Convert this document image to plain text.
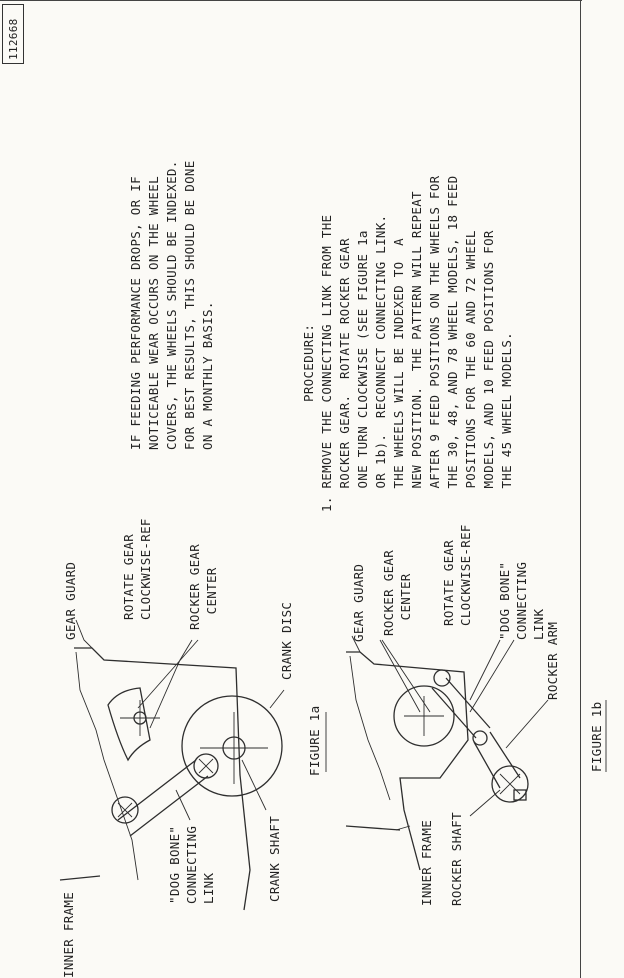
112668
IF FEEDING PERFORMANCE DROPS, OR IF
NOTICEABLE WEAR OCCURS ON THE WHEEL
COVERS, THE WHEELS SHOULD BE INDEXED.
FOR BEST RESULTS, THIS SHOULD BE DONE
ON A MONTHLY BASIS.	PROCEDURE:
1. REMOVE THE CONNECTING LINK FROM THE
ROCKER GEAR.  ROTATE ROCKER GEAR
ONE TURN CLOCKWISE (SEE FIGURE 1a
OR 1b).  RECONNECT CONNECTING LINK.
THE WHEELS WILL BE INDEXED TO  A
NEW POSITION.  THE PATTERN WILL REPEAT
AFTER 9 FEED POSITIONS ON THE WHEELS FOR
THE 30, 48, AND 78 WHEEL MODELS, 18 FEED
POSITIONS FOR THE 60 AND 72 WHEEL
MODELS, AND 10 FEED POSITIONS FOR
THE 45 WHEEL MODELS.
GEAR GUARD	ROTATE GEAR
CLOCKWISE-REF	ROCKER GEAR
CENTER
CRANK DISC
INNER FRAME
"DOG BONE"
CONNECTING
LINK	CRANK SHAFT
FIGURE 1a
GEAR GUARD ROCKER GEAR
CENTER ROTATE GEAR
CLOCKWISE-REF "DOG BONE"
CONNECTING
LINK ROCKER ARM
INNER FRAME ROCKER SHAFT
FIGURE 1b
